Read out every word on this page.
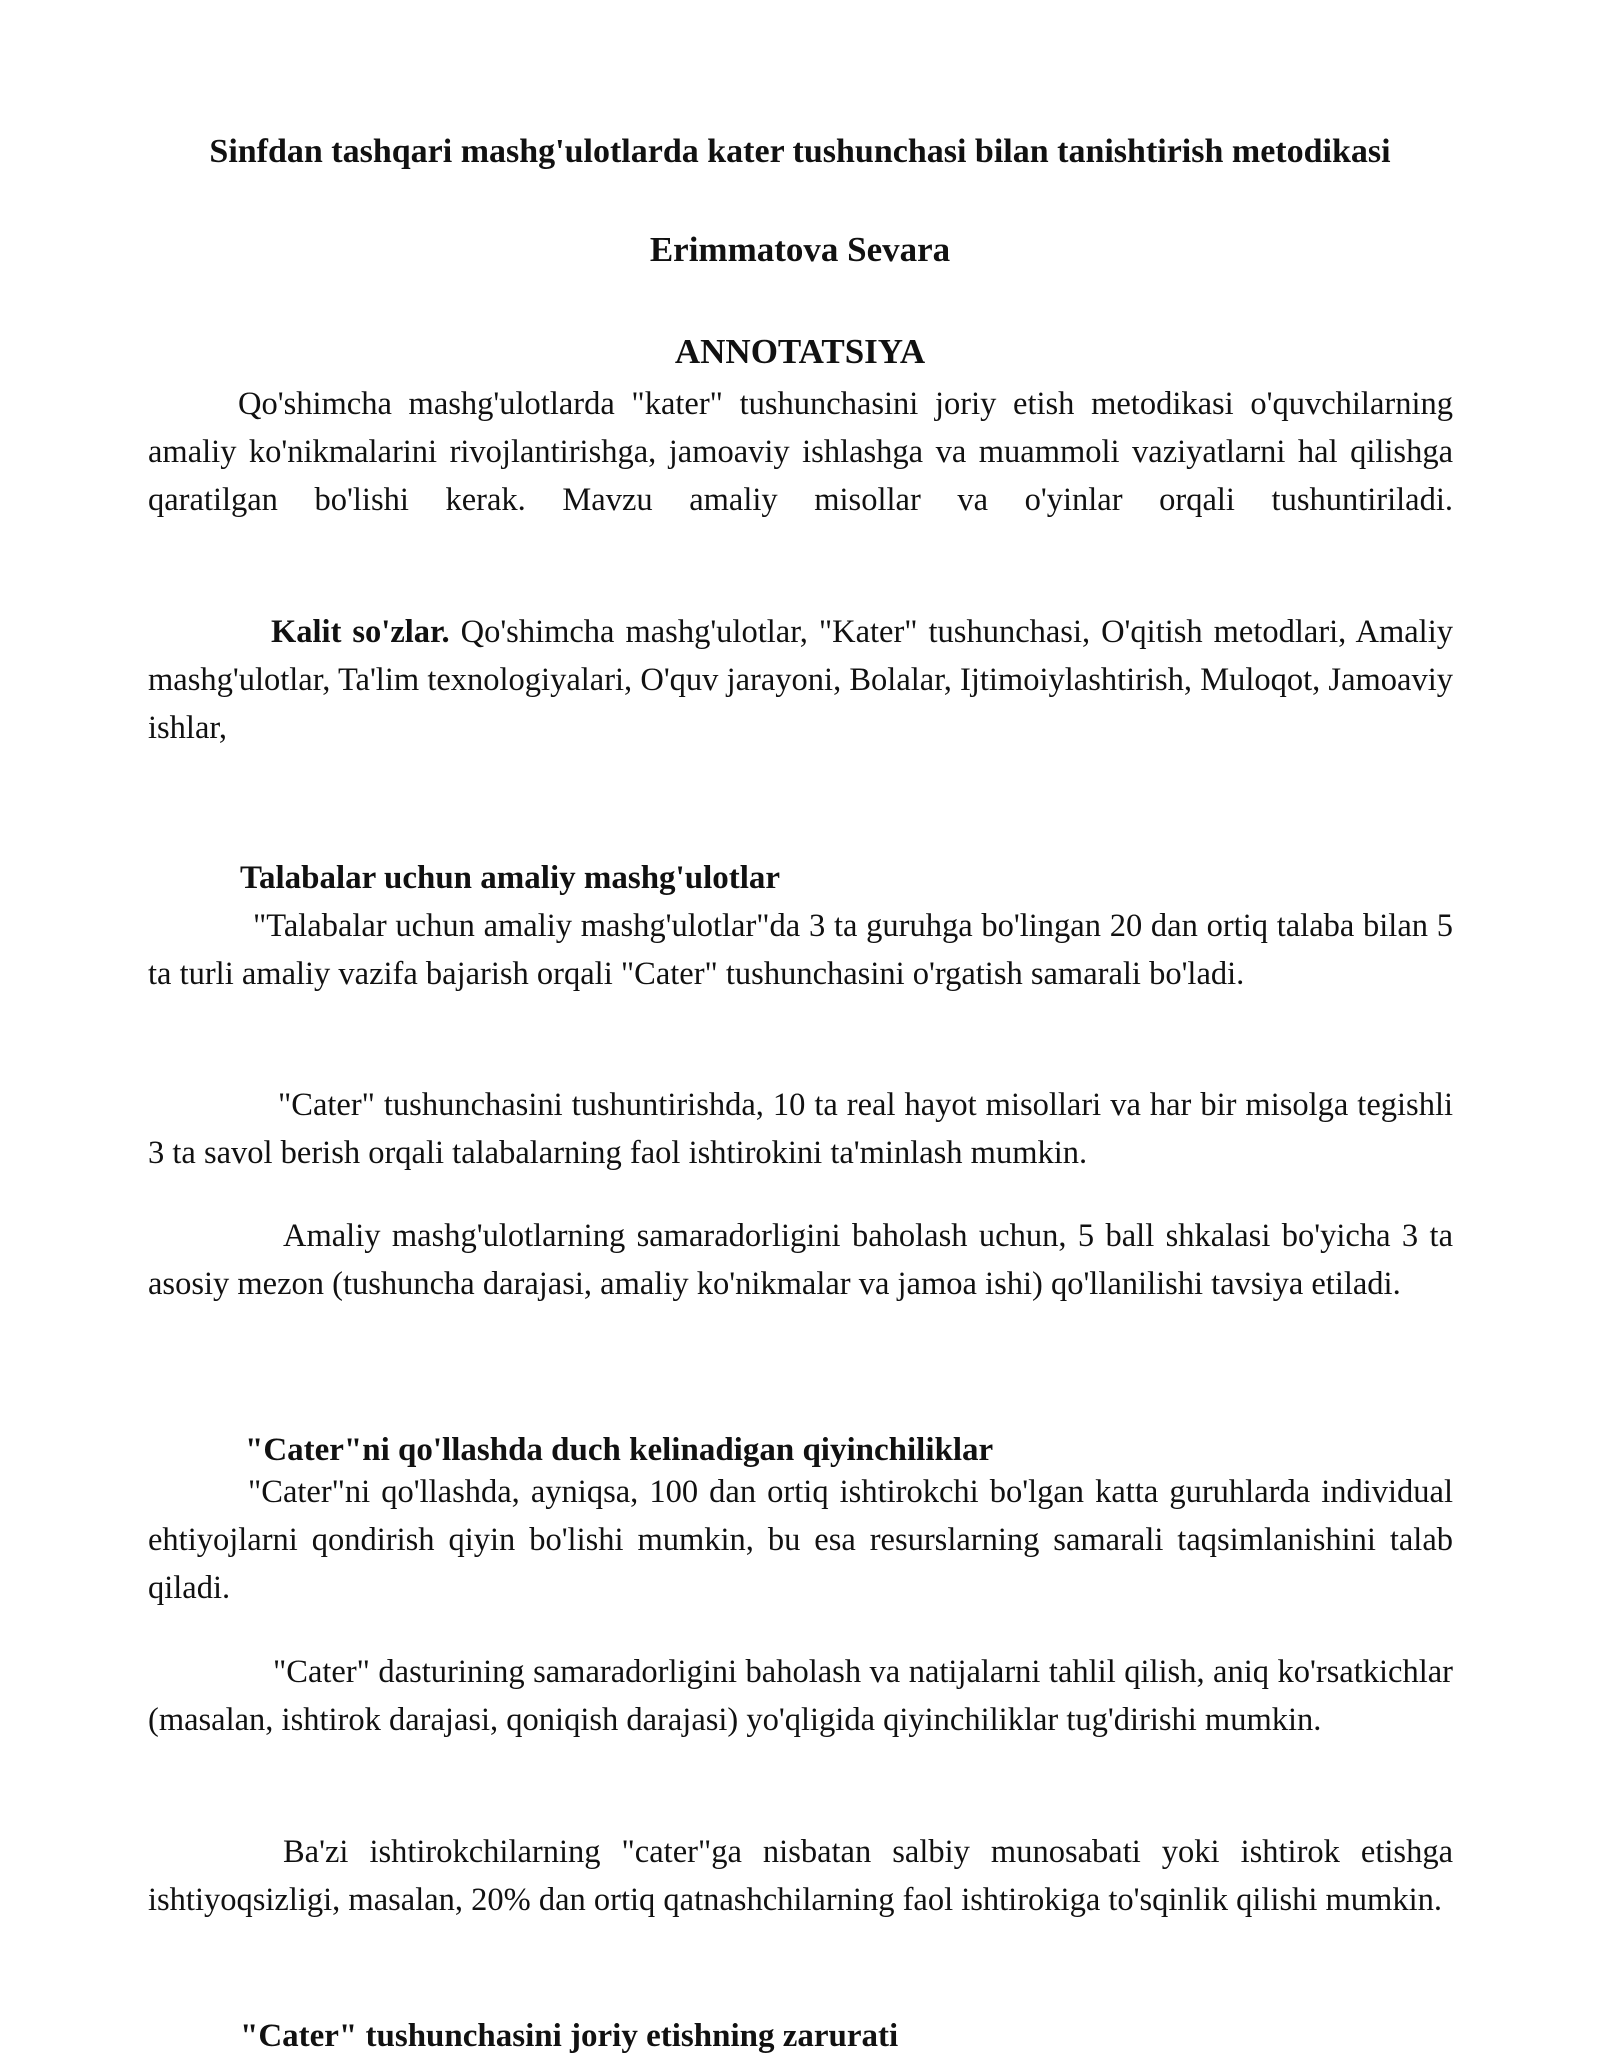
Sinfdan tashqari mashg'ulotlarda kater tushunchasi bilan tanishtirish metodikasi
Erimmatova Sevara
ANNOTATSIYA
Qo'shimcha mashg'ulotlarda "kater" tushunchasini joriy etish metodikasi o'quvchilarning amaliy ko'nikmalarini rivojlantirishga, jamoaviy ishlashga va muammoli vaziyatlarni hal qilishga qaratilgan bo'lishi kerak. Mavzu amaliy misollar va o'yinlar orqali tushuntiriladi.
Kalit so'zlar. Qo'shimcha mashg'ulotlar, "Kater" tushunchasi, O'qitish metodlari, Amaliy mashg'ulotlar, Ta'lim texnologiyalari, O'quv jarayoni, Bolalar, Ijtimoiylashtirish, Muloqot, Jamoaviy ishlar,
Talabalar uchun amaliy mashg'ulotlar
"Talabalar uchun amaliy mashg'ulotlar"da 3 ta guruhga bo'lingan 20 dan ortiq talaba bilan 5 ta turli amaliy vazifa bajarish orqali "Cater" tushunchasini o'rgatish samarali bo'ladi.
"Cater" tushunchasini tushuntirishda, 10 ta real hayot misollari va har bir misolga tegishli 3 ta savol berish orqali talabalarning faol ishtirokini ta'minlash mumkin.
Amaliy mashg'ulotlarning samaradorligini baholash uchun, 5 ball shkalasi bo'yicha 3 ta asosiy mezon (tushuncha darajasi, amaliy ko'nikmalar va jamoa ishi) qo'llanilishi tavsiya etiladi.
"Cater"ni qo'llashda duch kelinadigan qiyinchiliklar
"Cater"ni qo'llashda, ayniqsa, 100 dan ortiq ishtirokchi bo'lgan katta guruhlarda individual ehtiyojlarni qondirish qiyin bo'lishi mumkin, bu esa resurslarning samarali taqsimlanishini talab qiladi.
"Cater" dasturining samaradorligini baholash va natijalarni tahlil qilish, aniq ko'rsatkichlar (masalan, ishtirok darajasi, qoniqish darajasi) yo'qligida qiyinchiliklar tug'dirishi mumkin.
Ba'zi ishtirokchilarning "cater"ga nisbatan salbiy munosabati yoki ishtirok etishga ishtiyoqsizligi, masalan, 20% dan ortiq qatnashchilarning faol ishtirokiga to'sqinlik qilishi mumkin.
"Cater" tushunchasini joriy etishning zarurati
